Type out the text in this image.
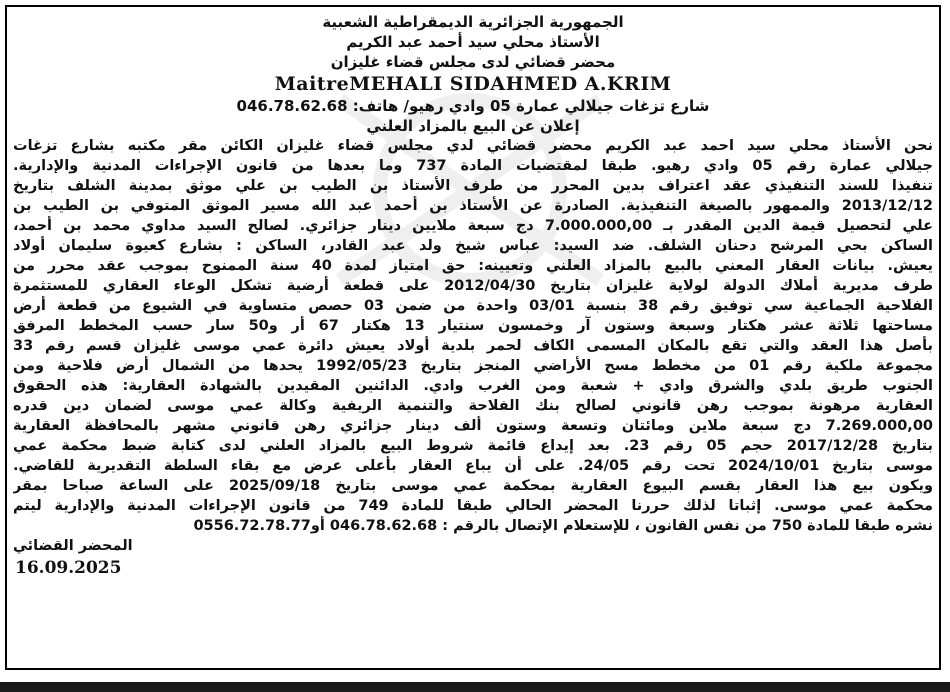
الجمهورية الجزائرية الديمقراطية الشعبية
الأستاذ محلي سيد أحمد عبد الكريم
محضر قضائي لدى مجلس قضاء غليزان
MaitreMEHALI SIDAHMED A.KRIM
شارع تزغات جيلالي عمارة 05 وادي رهيو/ هاتف: 046.78.62.68
إعلان عن البيع بالمزاد العلني
نحن الأستاذ محلي سيد احمد عبد الكريم محضر قضائي لدي مجلس قضاء غليزان الكائن مقر مكتبه بشارع تزغات
جيلالي عمارة رقم 05 وادي رهيو. طبقا لمقتضيات المادة 737 وما بعدها من قانون الإجراءات المدنية والإدارية.
تنفيذا للسند التنفيذي عقد اعتراف بدين المحرر من طرف الأستاذ بن الطيب بن علي موثق بمدينة الشلف بتاريخ
2013/12/12 والممهور بالصيغة التنفيذية. الصادرة عن الأستاذ بن أحمد عبد الله مسير الموثق المتوفي بن الطيب بن
علي لتحصيل قيمة الدين المقدر بـ 7.000.000,00 دج سبعة ملايين دينار جزائري. لصالح السيد مداوي محمد بن أحمد،
الساكن بحي المرشح دحنان الشلف. ضد السيد: عباس شيخ ولد عبد القادر، الساكن : بشارع كعيوة سليمان أولاد
يعيش. بيانات العقار المعني بالبيع بالمزاد العلني وتعيينه: حق امتياز لمدة 40 سنة الممنوح بموجب عقد محرر من
طرف مديرية أملاك الدولة لولاية غليزان بتاريخ 2012/04/30 على قطعة أرضية تشكل الوعاء العقاري للمستثمرة
الفلاحية الجماعية سي توفيق رقم 38 بنسبة 03/01 واحدة من ضمن 03 حصص متساوية في الشيوع من قطعة أرض
مساحتها ثلاثة عشر هكتار وسبعة وستون آر وخمسون سنتيار 13 هكتار 67 أر و50 سار حسب المخطط المرفق
بأصل هذا العقد والتي تقع بالمكان المسمى الكاف لحمر بلدية أولاد يعيش دائرة عمي موسى غليزان قسم رقم 33
مجموعة ملكية رقم 01 من مخطط مسح الأراضي المنجز بتاريخ 1992/05/23 يحدها من الشمال أرض فلاحية ومن
الجنوب طريق بلدي والشرق وادي + شعبة ومن الغرب وادي. الدائنين المقيدين بالشهادة العقارية: هذه الحقوق
العقارية مرهونة بموجب رهن قانوني لصالح بنك الفلاحة والتنمية الريفية وكالة عمي موسى لضمان دين قدره
7.269.000,00 دج سبعة ملاين ومائتان وتسعة وستون ألف دينار جزائري رهن قانوني مشهر بالمحافظة العقارية
بتاريخ 2017/12/28 حجم 05 رقم 23. بعد إيداع قائمة شروط البيع بالمزاد العلني لدى كتابة ضبط محكمة عمي
موسى بتاريخ 2024/10/01 تحت رقم 24/05. على أن يباع العقار بأعلى عرض مع بقاء السلطة التقديرية للقاضي.
ويكون بيع هذا العقار بقسم البيوع العقارية بمحكمة عمي موسى بتاريخ 2025/09/18 على الساعة صباحا بمقر
محكمة عمي موسى. إثباتا لذلك حررنا المحضر الحالي طبقا للمادة 749 من قانون الإجراءات المدنية والإدارية ليتم
نشره طبقا للمادة 750 من نفس القانون ، للإستعلام الإتصال بالرقم : 046.78.62.68 أو0556.72.78.77
المحضر القضائي
16.09.2025
